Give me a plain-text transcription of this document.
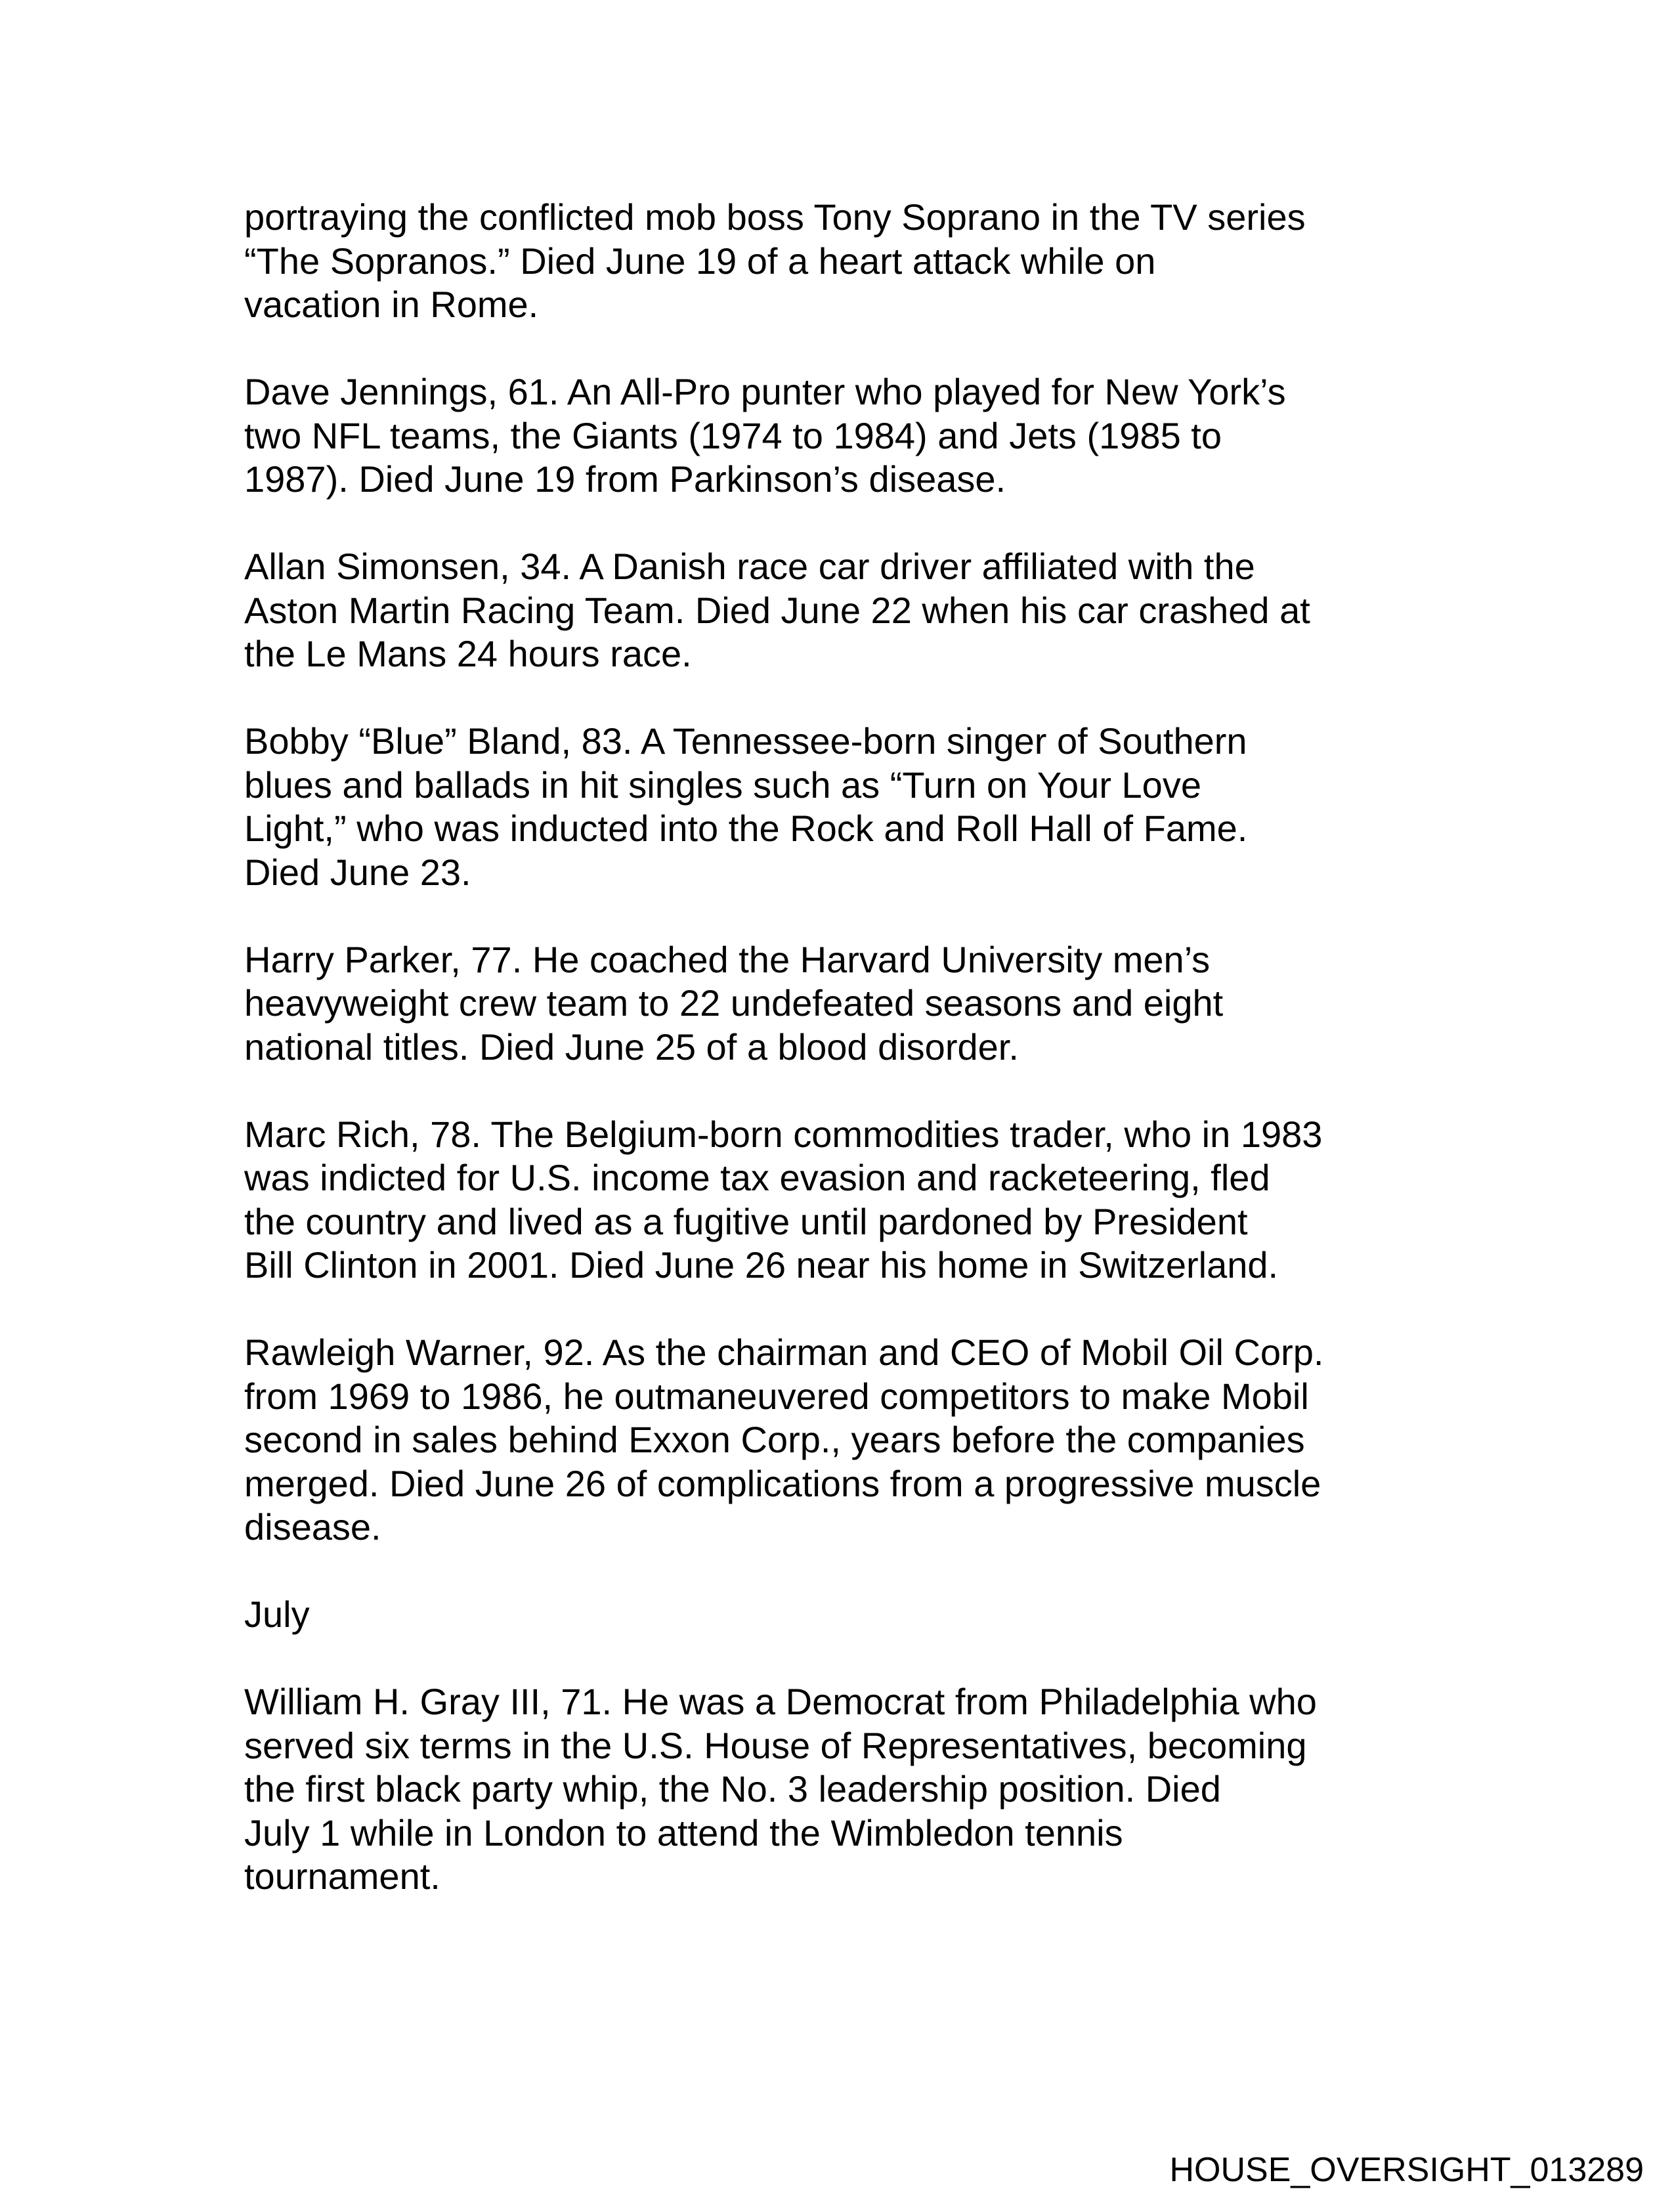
portraying the conflicted mob boss Tony Soprano in the TV series
“The Sopranos.” Died June 19 of a heart attack while on
vacation in Rome.

Dave Jennings, 61. An All-Pro punter who played for New York’s
two NFL teams, the Giants (1974 to 1984) and Jets (1985 to
1987). Died June 19 from Parkinson’s disease.

Allan Simonsen, 34. A Danish race car driver affiliated with the
Aston Martin Racing Team. Died June 22 when his car crashed at
the Le Mans 24 hours race.

Bobby “Blue” Bland, 83. A Tennessee-born singer of Southern
blues and ballads in hit singles such as “Turn on Your Love
Light,” who was inducted into the Rock and Roll Hall of Fame.
Died June 23.

Harry Parker, 77. He coached the Harvard University men’s
heavyweight crew team to 22 undefeated seasons and eight
national titles. Died June 25 of a blood disorder.

Marc Rich, 78. The Belgium-born commodities trader, who in 1983
was indicted for U.S. income tax evasion and racketeering, fled
the country and lived as a fugitive until pardoned by President
Bill Clinton in 2001. Died June 26 near his home in Switzerland.

Rawleigh Warner, 92. As the chairman and CEO of Mobil Oil Corp.
from 1969 to 1986, he outmaneuvered competitors to make Mobil
second in sales behind Exxon Corp., years before the companies
merged. Died June 26 of complications from a progressive muscle
disease.

July

William H. Gray III, 71. He was a Democrat from Philadelphia who
served six terms in the U.S. House of Representatives, becoming
the first black party whip, the No. 3 leadership position. Died
July 1 while in London to attend the Wimbledon tennis
tournament.

HOUSE_OVERSIGHT_013289
